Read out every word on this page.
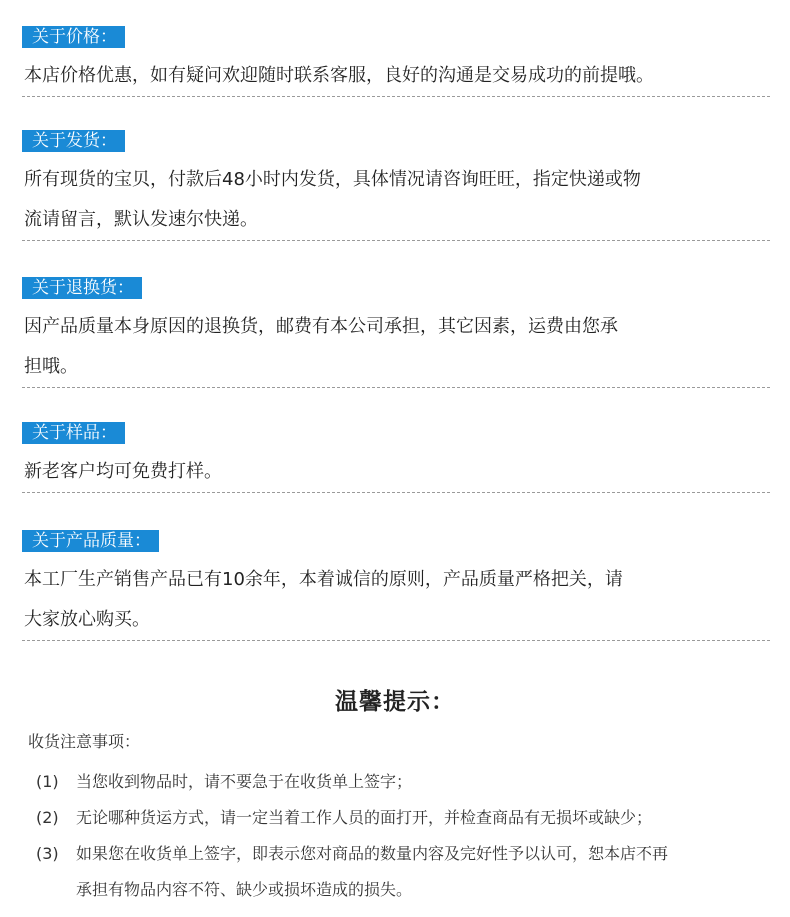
关于价格：
本店价格优惠，如有疑问欢迎随时联系客服，良好的沟通是交易成功的前提哦。
关于发货：
所有现货的宝贝，付款后48小时内发货，具体情况请咨询旺旺，指定快递或物
流请留言，默认发速尔快递。
关于退换货：
因产品质量本身原因的退换货，邮费有本公司承担，其它因素，运费由您承
担哦。
关于样品：
新老客户均可免费打样。
关于产品质量：
本工厂生产销售产品已有10余年，本着诚信的原则，产品质量严格把关，请
大家放心购买。
温馨提示：
收货注意事项：
(1) 当您收到物品时，请不要急于在收货单上签字；
(2) 无论哪种货运方式，请一定当着工作人员的面打开，并检查商品有无损坏或缺少；
(3) 如果您在收货单上签字，即表示您对商品的数量内容及完好性予以认可，恕本店不再
承担有物品内容不符、缺少或损坏造成的损失。
